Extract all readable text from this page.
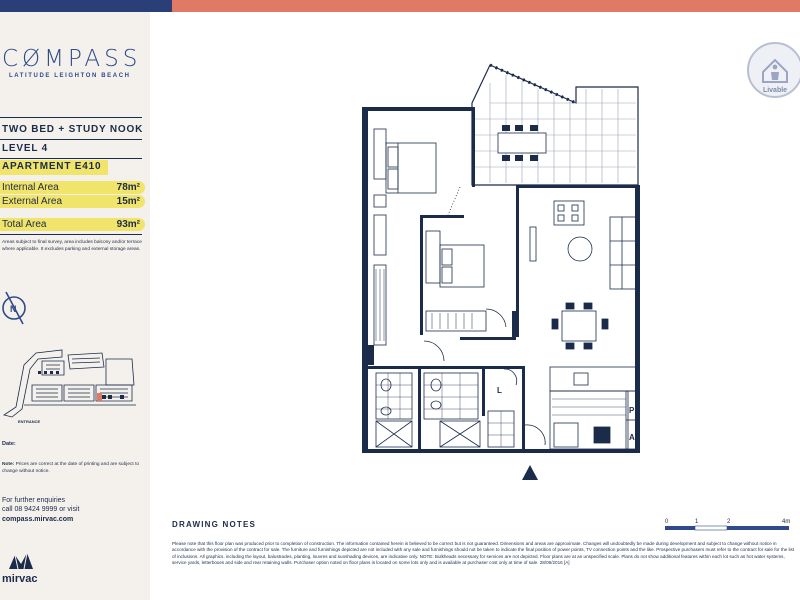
CØMPASS
LATITUDE LEIGHTON BEACH
TWO BED + STUDY NOOK
LEVEL 4
APARTMENT E410
Internal Area	78m²
External Area	15m²
Total Area	93m²
Areas subject to final survey, area includes balcony and/or terrace where applicable. It excludes parking and external storage areas.
N
ENTRANCE
Date:
Note: Prices are correct at the date of printing and are subject to change without notice.
For further enquiries
call 08 9424 9999 or visit
compass.mirvac.com
mirvac
Livable
L
P
A
DRAWING NOTES
Please note that this floor plan was produced prior to completion of construction. The information contained herein is believed to be correct but is not guaranteed. Dimensions and areas are approximate. Changes will undoubtedly be made during development and subject to change without notice in accordance with the provision of the contract for sale. The furniture and furnishings depicted are not included with any sale and furnishings should not be taken to indicate the final position of power points, TV connection points and the like. Prospective purchasers must refer to the contract for sale for the list of inclusions. All graphics, including the layout, balustrades, planting, louvres and sunshading devices, are indicative only. NOTE: Bulkheads necessary for services are not depicted. Floor plans are at an unspecified scale. Plans do not show additional features within each lot such as hot water systems, service yards, letterboxes and side and rear retaining walls. Purchaser option noted on floor plans is located on some lots only and is available at purchaser cost only at time of sale. 28/09/2016 [A]
0	1	2	4m
